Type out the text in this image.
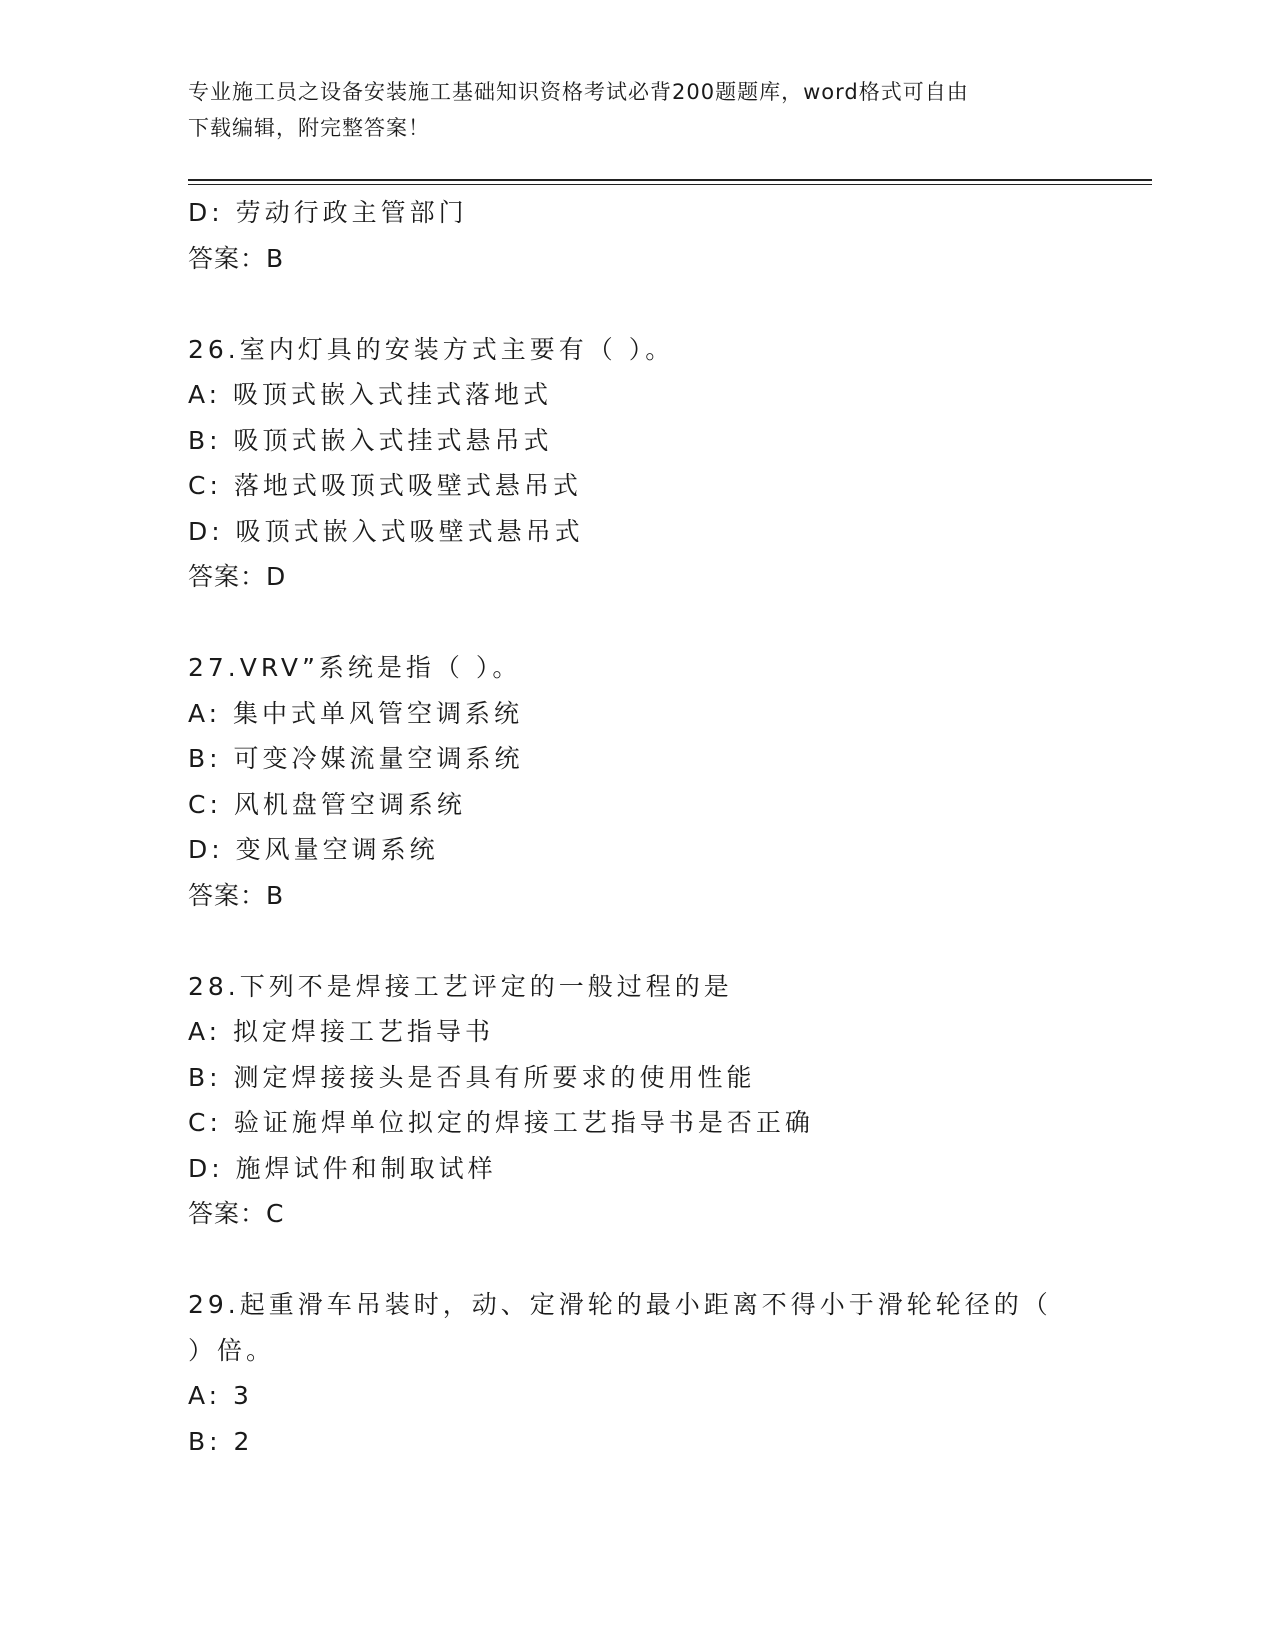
专业施工员之设备安装施工基础知识资格考试必背200题题库，word格式可自由
下载编辑，附完整答案！
D: 劳动行政主管部门
答案：B
26.室内灯具的安装方式主要有（ ）。
A: 吸顶式嵌入式挂式落地式
B: 吸顶式嵌入式挂式悬吊式
C: 落地式吸顶式吸壁式悬吊式
D: 吸顶式嵌入式吸壁式悬吊式
答案：D
27.VRV”系统是指（ ）。
A: 集中式单风管空调系统
B: 可变冷媒流量空调系统
C: 风机盘管空调系统
D: 变风量空调系统
答案：B
28.下列不是焊接工艺评定的一般过程的是
A: 拟定焊接工艺指导书
B: 测定焊接接头是否具有所要求的使用性能
C: 验证施焊单位拟定的焊接工艺指导书是否正确
D: 施焊试件和制取试样
答案：C
29.起重滑车吊装时，动、定滑轮的最小距离不得小于滑轮轮径的（
）倍。
A: 3
B: 2
